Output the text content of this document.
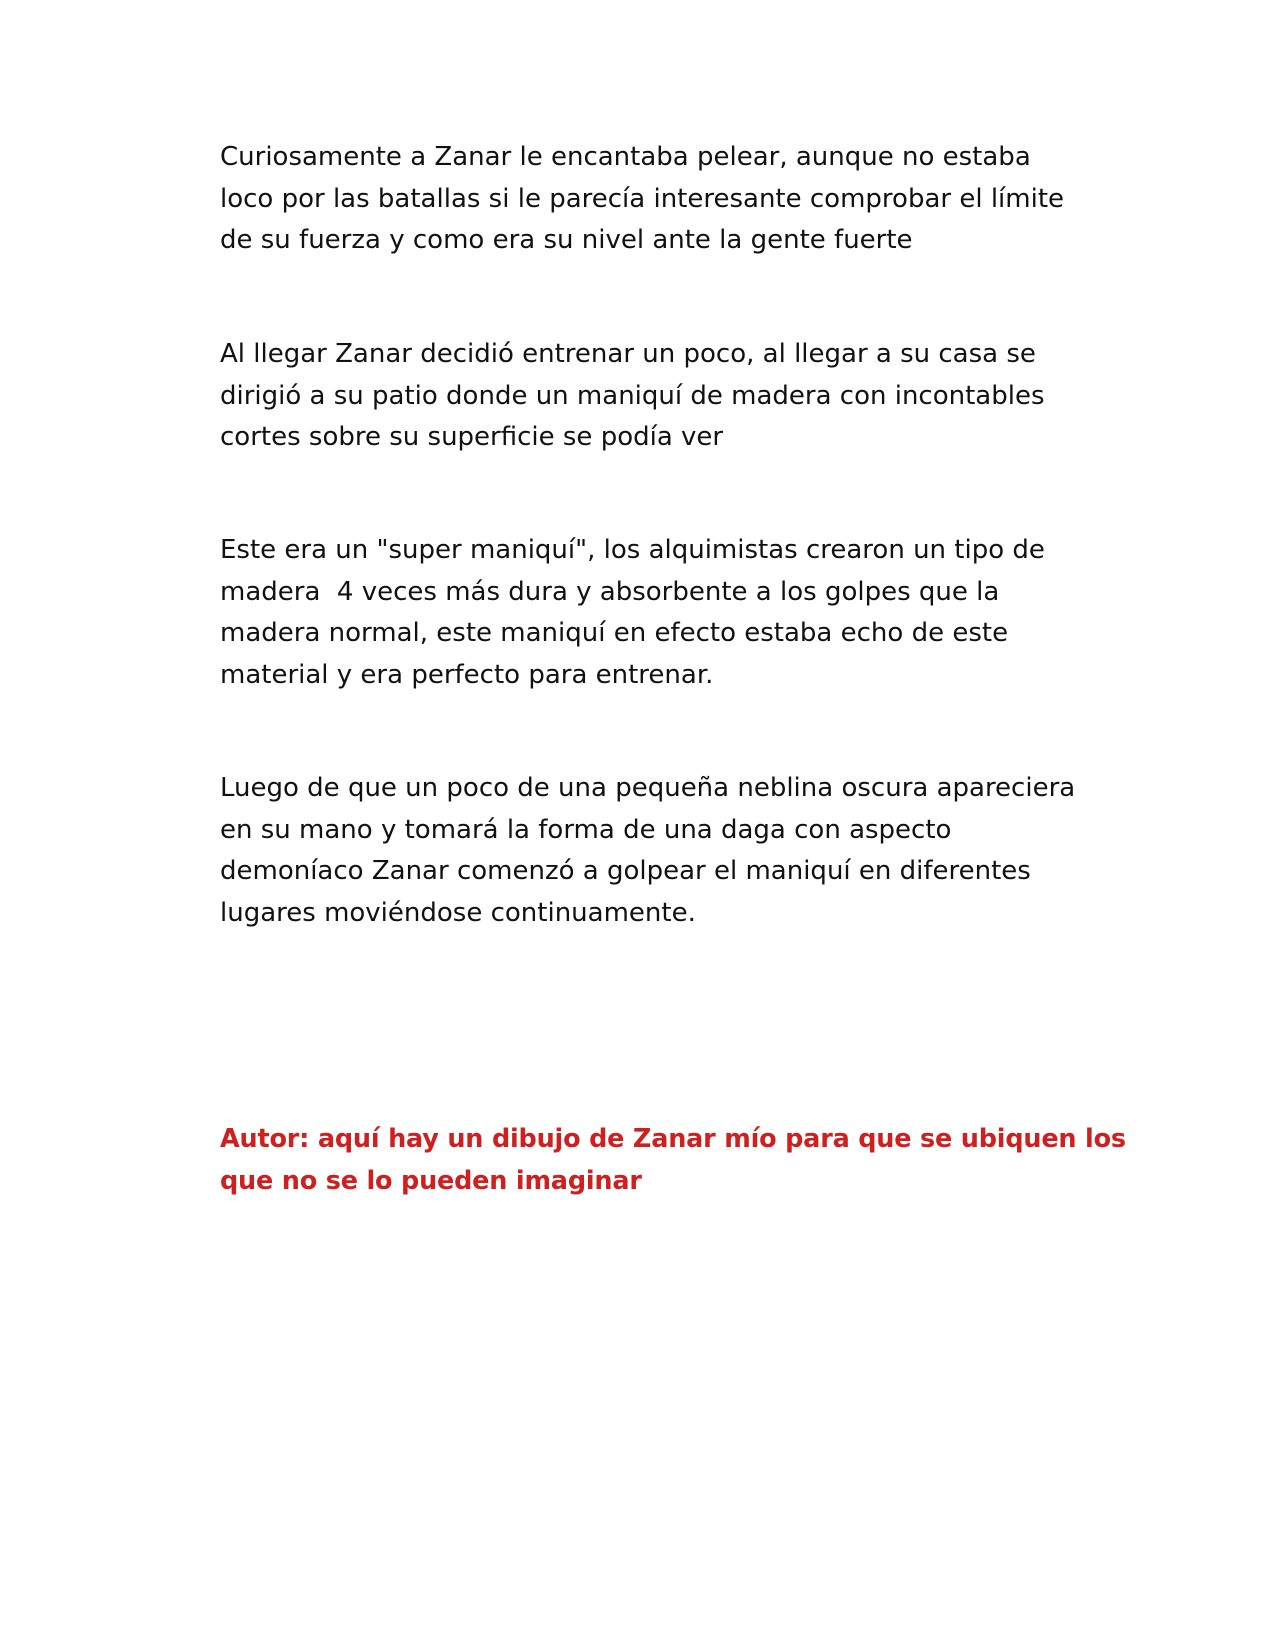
Curiosamente a Zanar le encantaba pelear, aunque no estaba
loco por las batallas si le parecía interesante comprobar el límite
de su fuerza y como era su nivel ante la gente fuerte

Al llegar Zanar decidió entrenar un poco, al llegar a su casa se
dirigió a su patio donde un maniquí de madera con incontables
cortes sobre su superficie se podía ver

Este era un "super maniquí", los alquimistas crearon un tipo de
madera  4 veces más dura y absorbente a los golpes que la
madera normal, este maniquí en efecto estaba echo de este
material y era perfecto para entrenar.

Luego de que un poco de una pequeña neblina oscura apareciera
en su mano y tomará la forma de una daga con aspecto
demoníaco Zanar comenzó a golpear el maniquí en diferentes
lugares moviéndose continuamente.

Autor: aquí hay un dibujo de Zanar mío para que se ubiquen los
que no se lo pueden imaginar
